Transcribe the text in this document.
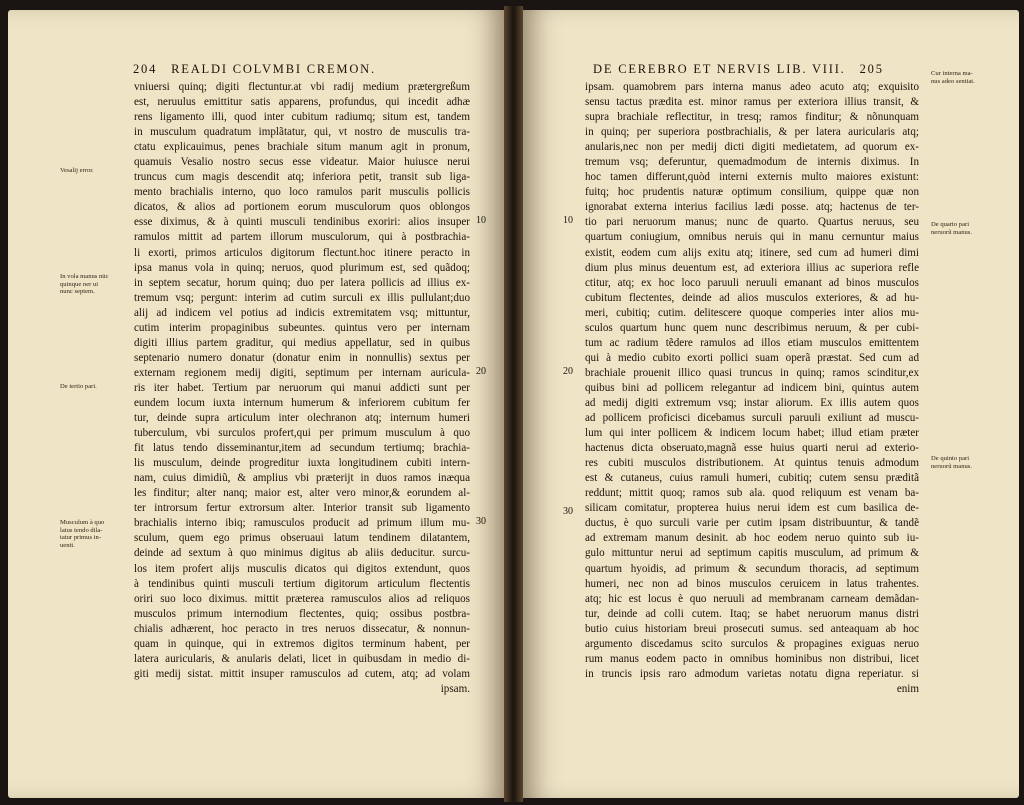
204 REALDI COLVMBI CREMON.
vniuersi quinq; digiti flectuntur.at vbi radij medium prætergreßum
est, neruulus emittitur satis apparens, profundus, qui incedit adhæ
rens ligamento illi, quod inter cubitum radiumq; situm est, tandem
in musculum quadratum implãtatur, qui, vt nostro de musculis tra-
ctatu explicauimus, penes brachiale situm manum agit in pronum,
quamuis Vesalio nostro secus esse videatur. Maior huiusce nerui
truncus cum magis descendit atq; inferiora petit, transit sub liga-
mento brachialis interno, quo loco ramulos parit musculis pollicis
dicatos, & alios ad portionem eorum musculorum quos oblongos
esse diximus, & à quinti musculi tendinibus exoriri: alios insuper
ramulos mittit ad partem illorum musculorum, qui à postbrachia-
li exorti, primos articulos digitorum flectunt.hoc itinere peracto in
ipsa manus vola in quinq; neruos, quod plurimum est, sed quãdoq;
in septem secatur, horum quinq; duo per latera pollicis ad illius ex-
tremum vsq; pergunt: interim ad cutim surculi ex illis pullulant;duo
alij ad indicem vel potius ad indicis extremitatem vsq; mittuntur,
cutim interim propaginibus subeuntes. quintus vero per internam
digiti illius partem graditur, qui medius appellatur, sed in quibus
septenario numero donatur (donatur enim in nonnullis) sextus per
externam regionem medij digiti, septimum per internam auricula-
ris iter habet. Tertium par neruorum qui manui addicti sunt per
eundem locum iuxta internum humerum & inferiorem cubitum fer
tur, deinde supra articulum inter olechranon atq; internum humeri
tuberculum, vbi surculos profert,qui per primum musculum à quo
fit latus tendo disseminantur,item ad secundum tertiumq; brachia-
lis musculum, deinde progreditur iuxta longitudinem cubiti intern-
nam, cuius dimidiũ, & amplius vbi præterijt in duos ramos inæqua
les finditur; alter nanq; maior est, alter vero minor,& eorundem al-
ter introrsum fertur extrorsum alter. Interior transit sub ligamento
brachialis interno ibiq; ramusculos producit ad primum illum mu-
sculum, quem ego primus obseruaui latum tendinem dilatantem,
deinde ad sextum à quo minimus digitus ab aliis deducitur. surcu-
los item profert alijs musculis dicatos qui digitos extendunt, quos
à tendinibus quinti musculi tertium digitorum articulum flectentis
oriri suo loco diximus. mittit præterea ramusculos alios ad reliquos
musculos primum internodium flectentes, quiq; ossibus postbra-
chialis adhærent, hoc peracto in tres neruos dissecatur, & nonnun-
quam in quinque, qui in extremos digitos terminum habent, per
latera auricularis, & anularis delati, licet in quibusdam in medio di-
giti medij sistat. mittit insuper ramusculos ad cutem, atq; ad volam
ipsam.
Vesalij error.
In vola manus nūc quinque ner ui nunc septem.
De tertio pari.
Musculum à quo latus tendo dila- tatur primus in- uenit.
10
20
30
DE CEREBRO ET NERVIS LIB. VIII. 205
ipsam. quamobrem pars interna manus adeo acuto atq; exquisito
sensu tactus prædita est. minor ramus per exteriora illius transit, &
supra brachiale reflectitur, in tresq; ramos finditur; & nõnunquam
in quinq; per superiora postbrachialis, & per latera auricularis atq;
anularis,nec non per medij dicti digiti medietatem, ad quorum ex-
tremum vsq; deferuntur, quemadmodum de internis diximus. In
hoc tamen differunt,quòd interni externis multo maiores existunt:
fuitq; hoc prudentis naturæ optimum consilium, quippe quæ non
ignorabat externa interius facilius lædi posse. atq; hactenus de ter-
tio pari neruorum manus; nunc de quarto. Quartus neruus, seu
quartum coniugium, omnibus neruis qui in manu cernuntur maius
existit, eodem cum alijs exitu atq; itinere, sed cum ad humeri dimi
dium plus minus deuentum est, ad exteriora illius ac superiora refle
ctitur, atq; ex hoc loco paruuli neruuli emanant ad binos musculos
cubitum flectentes, deinde ad alios musculos exteriores, & ad hu-
meri, cubitiq; cutim. delitescere quoque comperies inter alios mu-
sculos quartum hunc quem nunc describimus neruum, & per cubi-
tum ac radium tẽdere ramulos ad illos etiam musculos emittentem
qui à medio cubito exorti pollici suam operã præstat. Sed cum ad
brachiale prouenit illico quasi truncus in quinq; ramos scinditur,ex
quibus bini ad pollicem relegantur ad indicem bini, quintus autem
ad medij digiti extremum vsq; instar aliorum. Ex illis autem quos
ad pollicem proficisci dicebamus surculi paruuli exiliunt ad muscu-
lum qui inter pollicem & indicem locum habet; illud etiam præter
hactenus dicta obseruato,magnã esse huius quarti nerui ad exterio-
res cubiti musculos distributionem. At quintus tenuis admodum
est & cutaneus, cuius ramuli humeri, cubitiq; cutem sensu præditã
reddunt; mittit quoq; ramos sub ala. quod reliquum est venam ba-
silicam comitatur, propterea huius nerui idem est cum basilica de-
ductus, è quo surculi varie per cutim ipsam distribuuntur, & tandẽ
ad extremam manum desinit. ab hoc eodem neruo quinto sub iu-
gulo mittuntur nerui ad septimum capitis musculum, ad primum &
quartum hyoidis, ad primum & secundum thoracis, ad septimum
humeri, nec non ad binos musculos ceruicem in latus trahentes.
atq; hic est locus è quo neruuli ad membranam carneam demãdan-
tur, deinde ad colli cutem. Itaq; se habet neruorum manus distri
butio cuius historiam breui prosecuti sumus. sed anteaquam ab hoc
argumento discedamus scito surculos & propagines exiguas neruo
rum manus eodem pacto in omnibus hominibus non distribui, licet
in truncis ipsis raro admodum varietas notatu digna reperiatur. si
enim
Cur interna ma- nus adeo sentiat.
De quarto pari neruorũ manus.
De quinto pari neruorũ manus.
10
20
30
